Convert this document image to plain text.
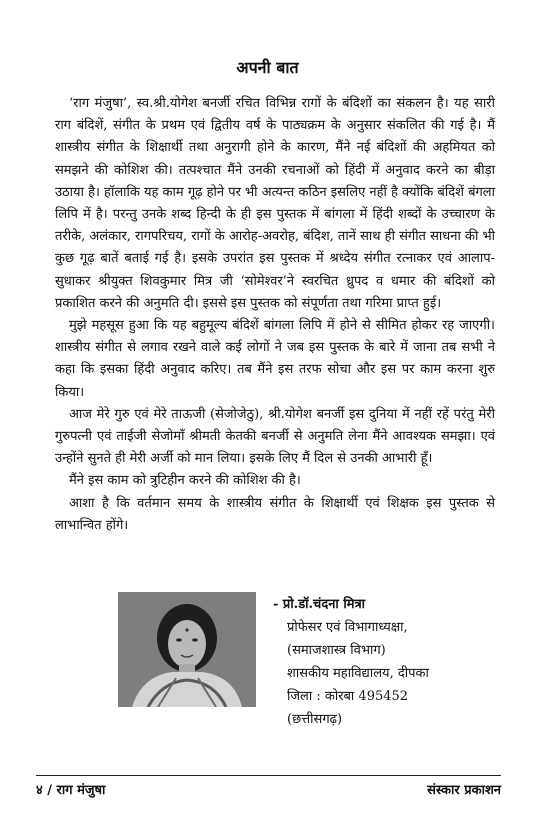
अपनी बात

‘राग मंजुषा’, स्व.श्री.योगेश बनर्जी रचित विभिन्न रागों के बंदिशों का संकलन है। यह सारी राग बंदिशें, संगीत के प्रथम एवं द्वितीय वर्ष के पाठ्यक्रम के अनुसार संकलित की गई है। मैं शास्त्रीय संगीत के शिक्षार्थी तथा अनुरागी होने के कारण, मैंने नई बंदिशों की अहमियत को समझने की कोशिश की। तत्पश्चात मैंने उनकी रचनाओं को हिंदी में अनुवाद करने का बीड़ा उठाया है। हॉलाकि यह काम गूढ़ होने पर भी अत्यन्त कठिन इसलिए नहीं है क्योंकि बंदिशें बंगला लिपि में है। परन्तु उनके शब्द हिन्दी के ही इस पुस्तक में बांगला में हिंदी शब्दों के उच्चारण के तरीके, अलंकार, रागपरिचय, रागों के आरोह-अवरोह, बंदिश, तानें साथ ही संगीत साधना की भी कुछ गूढ़ बातें बताई गई है। इसके उपरांत इस पुस्तक में श्रध्देय संगीत रत्नाकर एवं आलाप- सुधाकर श्रीयुक्त शिवकुमार मित्र जी ‘सोमेश्वर’ने स्वरचित ध्रुपद व धमार की बंदिशों को प्रकाशित करने की अनुमति दी। इससे इस पुस्तक को संपूर्णता तथा गरिमा प्राप्त हुई।

मुझे महसूस हुआ कि यह बहुमूल्य बंदिशें बांगला लिपि में होने से सीमित होकर रह जाएगी। शास्त्रीय संगीत से लगाव रखने वाले कई लोगों ने जब इस पुस्तक के बारे में जाना तब सभी ने कहा कि इसका हिंदी अनुवाद करिए। तब मैंने इस तरफ सोचा और इस पर काम करना शुरु किया।

आज मेरे गुरु एवं मेरे ताऊजी (सेजोजेठु), श्री.योगेश बनर्जी इस दुनिया में नहीं रहें परंतु मेरी गुरुपत्नी एवं ताईजी सेजोमाँ श्रीमती केतकी बनर्जी से अनुमति लेना मैंने आवश्यक समझा। एवं उन्होंने सुनते ही मेरी अर्जी को मान लिया। इसके लिए मैं दिल से उनकी आभारी हूँ।

मैंने इस काम को त्रुटिहीन करने की कोशिश की है।

आशा है कि वर्तमान समय के शास्त्रीय संगीत के शिक्षार्थी एवं शिक्षक इस पुस्तक से लाभान्वित होंगे।

- प्रो.डॉ.चंदना मित्रा
प्रोफेसर एवं विभागाध्यक्षा,
(समाजशास्त्र विभाग)
शासकीय महाविद्यालय, दीपका
जिला : कोरबा 495452
(छत्तीसगढ़)
४ / राग मंजुषा	संस्कार प्रकाशन
